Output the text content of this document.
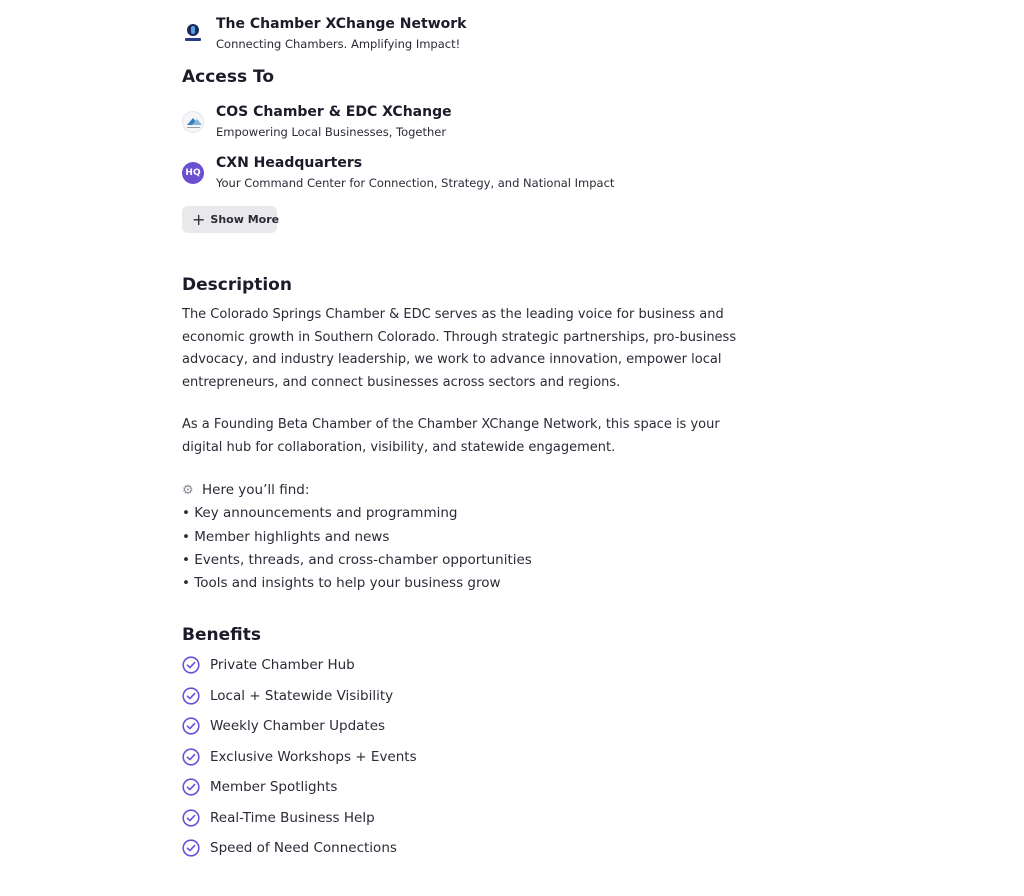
The Chamber XChange Network
Connecting Chambers. Amplifying Impact!
Access To
COS Chamber & EDC XChange
Empowering Local Businesses, Together
HQ
CXN Headquarters
Your Command Center for Connection, Strategy, and National Impact
+ Show More
Description
The Colorado Springs Chamber & EDC serves as the leading voice for business and economic growth in Southern Colorado. Through strategic partnerships, pro-business advocacy, and industry leadership, we work to advance innovation, empower local entrepreneurs, and connect businesses across sectors and regions.
As a Founding Beta Chamber of the Chamber XChange Network, this space is your digital hub for collaboration, visibility, and statewide engagement.
⚙ Here you’ll find:
• Key announcements and programming
• Member highlights and news
• Events, threads, and cross-chamber opportunities
• Tools and insights to help your business grow
Benefits
Private Chamber Hub
Local + Statewide Visibility
Weekly Chamber Updates
Exclusive Workshops + Events
Member Spotlights
Real-Time Business Help
Speed of Need Connections
